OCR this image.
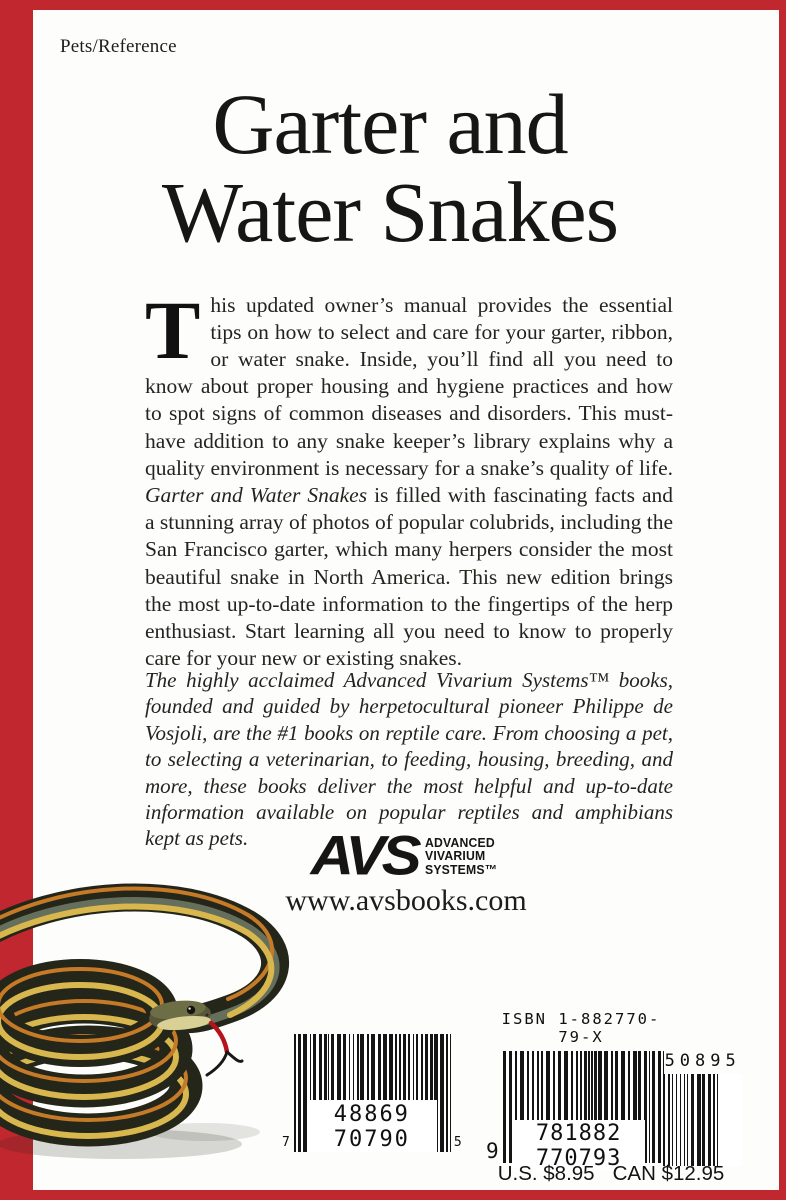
Pets/Reference
Garter and
Water Snakes

This updated owner’s manual provides the essential tips on how to select and care for your garter, ribbon, or water snake. Inside, you’ll find all you need to know about proper housing and hygiene practices and how to spot signs of common diseases and disorders. This must-have addition to any snake keeper’s library explains why a quality environment is necessary for a snake’s quality of life. Garter and Water Snakes is filled with fascinating facts and a stunning array of photos of popular colubrids, including the San Francisco garter, which many herpers consider the most beautiful snake in North America. This new edition brings the most up-to-date information to the fingertips of the herp enthusiast. Start learning all you need to know to properly care for your new or existing snakes.

The highly acclaimed Advanced Vivarium Systems™ books, founded and guided by herpetocultural pioneer Philippe de Vosjoli, are the #1 books on reptile care. From choosing a pet, to selecting a veterinarian, to feeding, housing, breeding, and more, these books deliver the most helpful and up-to-date information available on popular reptiles and amphibians kept as pets.	AVS ADVANCED
VIVARIUM
SYSTEMS™
www.avsbooks.com
7
48869 70790	5
ISBN 1-882770-79-X
9
781882 770793
50895
U.S. $8.95 CAN $12.95
